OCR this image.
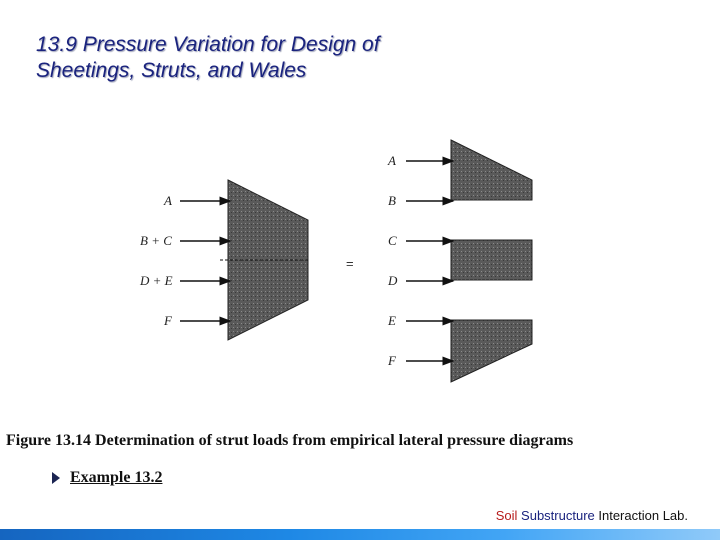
13.9 Pressure Variation for Design of
Sheetings, Struts, and Wales
A
B + C
D + E
F
=
A
B
C
D
E
F
Figure 13.14 Determination of strut loads from empirical lateral pressure diagrams
Example 13.2
Soil Substructure Interaction Lab.
